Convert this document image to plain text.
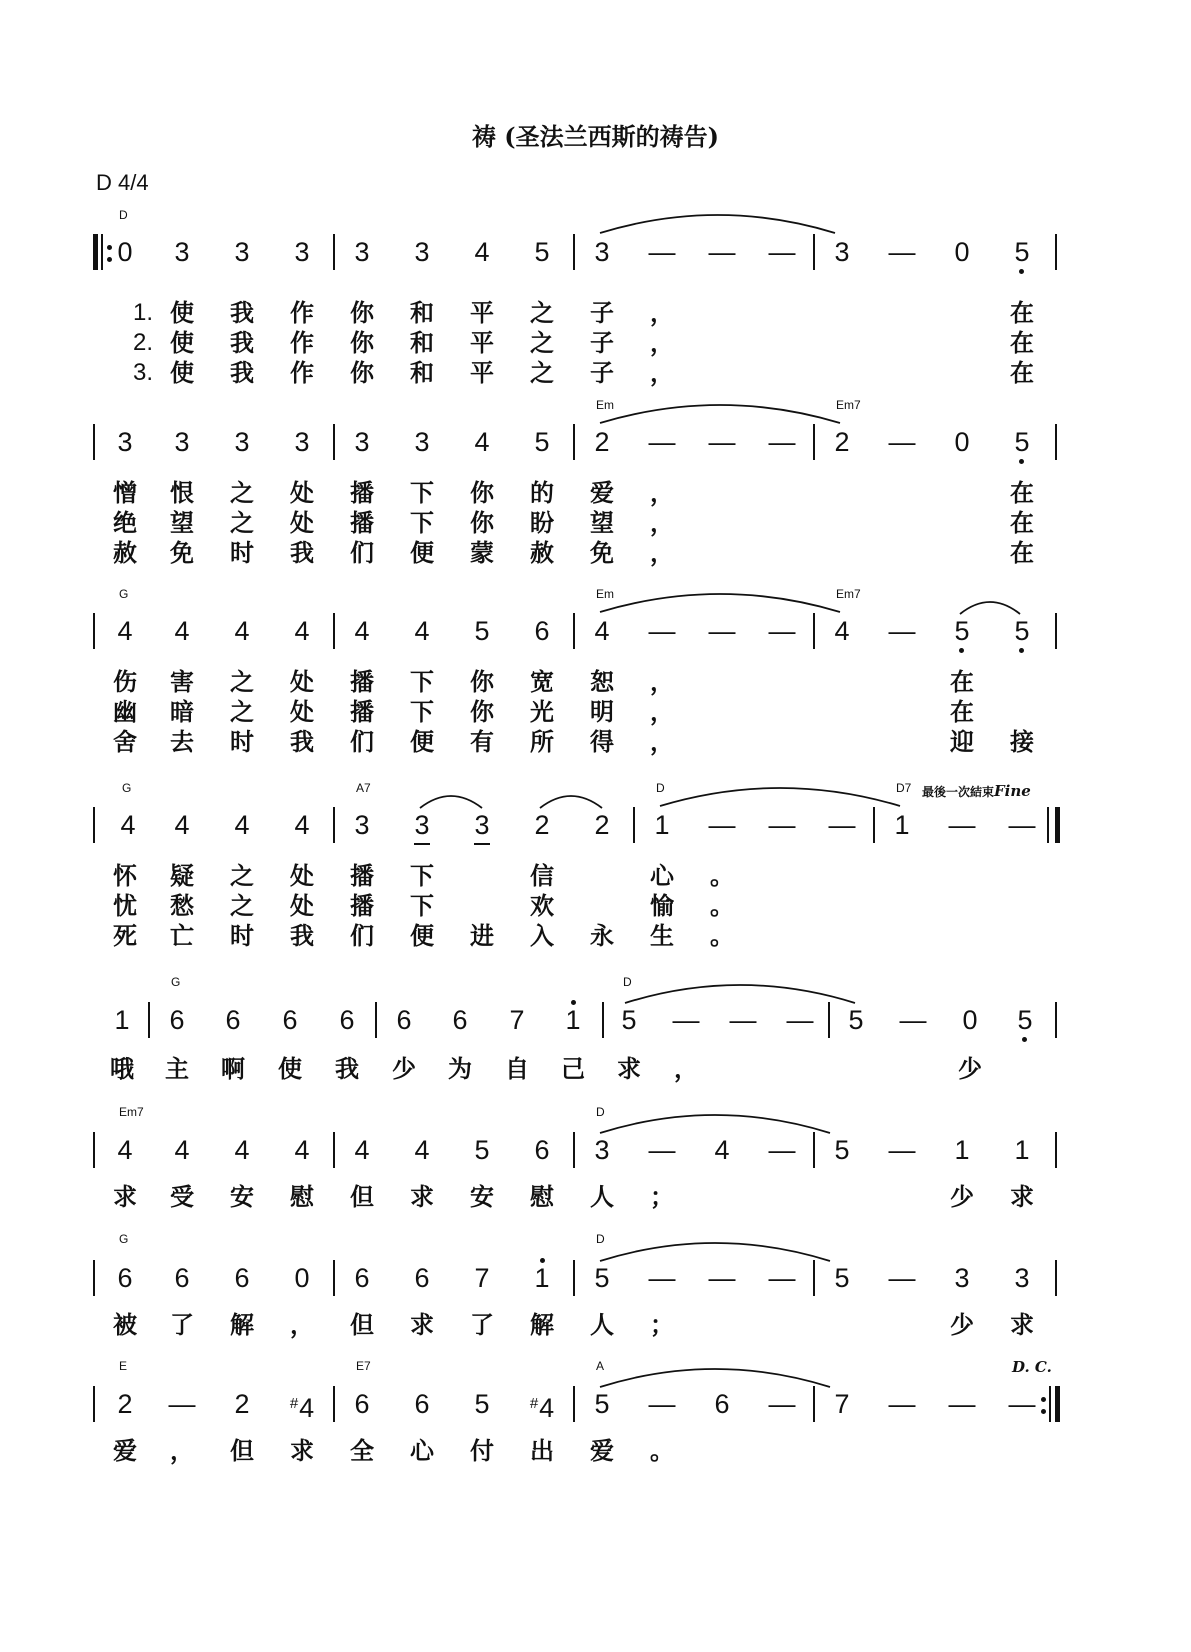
祷 (圣法兰西斯的祷告)
D 4/4
0	3	3	3	3	3	4	5	3	— — —	3	—	0	5
D
1. 使	我	作	你	和	平	之	子	，	在
2. 使	我	作	你	和	平	之	子	，	在
3. 使	我	作	你	和	平	之	子	，	在
3	3	3	3	3	3	4	5	2	— — —	2	—	0	5
Em	Em7
憎	恨	之	处	播	下	你	的	爱	，	在
绝	望	之	处	播	下	你	盼	望	，	在
赦	免	时	我	们	便	蒙	赦	免	，	在
4	4	4	4	4	4	5	6	4	— — —	4	—	5	5
G	Em	Em7
伤	害	之	处	播	下	你	宽	恕	，	在
幽	暗	之	处	播	下	你	光	明	，	在
舍	去	时	我	们	便	有	所	得	，	迎	接
4	4	4	4	3	3	3	2	2	1	— — —	1	— —
G	A7	D	D7
怀	疑	之	处	播	下	信	心	。
忧	愁	之	处	播	下	欢	愉	。
死	亡	时	我	们	便	进	入	永	生	。
最後一次結束Fine
1	6	6	6	6	6	6	7	1	5	— — —	5	—	0	5
G	D
哦	主	啊	使	我	少	为	自	己	求	，	少
4	4	4	4	4	4	5	6	3	—	4	—	5	—	1	1
Em7	D
求	受	安	慰	但	求	安	慰	人	；	少	求
6	6	6	0	6	6	7	1	5	— — —	5	—	3	3
G	D
被	了	解	，	但	求	了	解	人	；	少	求
2	—	2	#4	6	6	5	#4	5	—	6	—	7	— — —
E	E7	A
爱	，	但	求	全	心	付	出	爱	。
D. C.
